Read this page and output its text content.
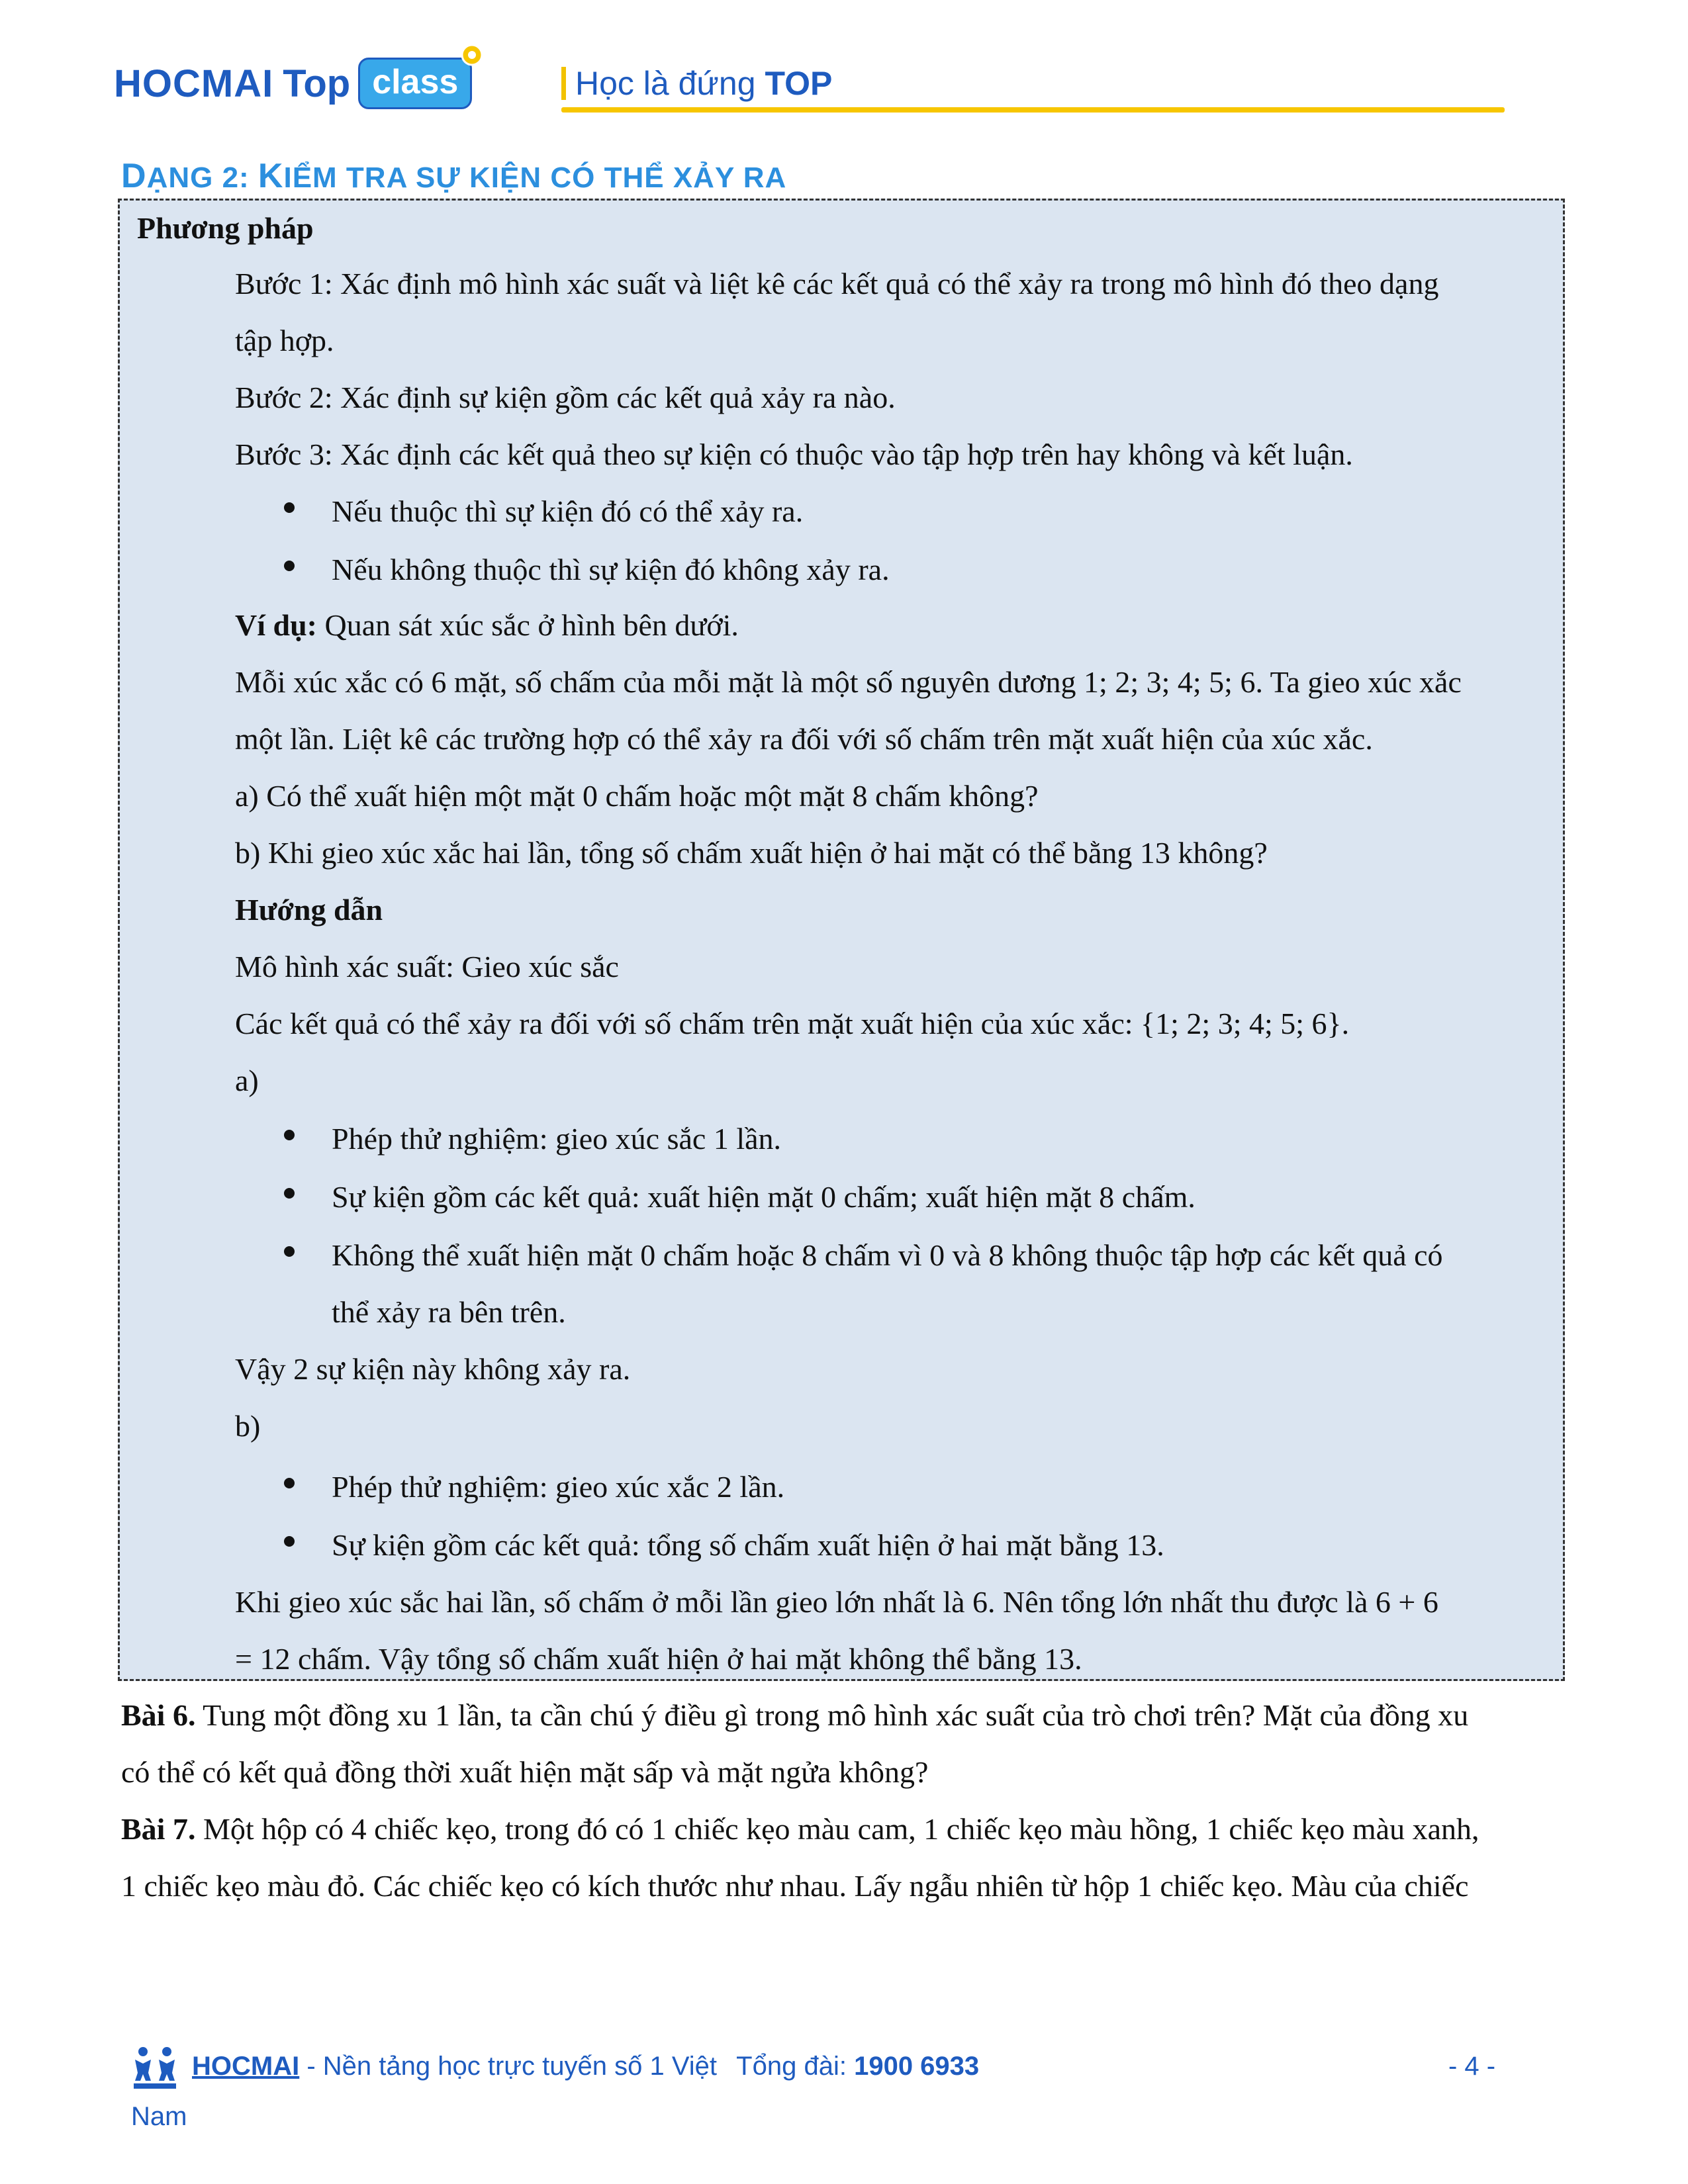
HOCMAI Top class	Học là đứng TOP
DẠNG 2: KIỂM TRA SỰ KIỆN CÓ THỂ XẢY RA
Phương pháp
Bước 1: Xác định mô hình xác suất và liệt kê các kết quả có thể xảy ra trong mô hình đó theo dạng
tập hợp.
Bước 2: Xác định sự kiện gồm các kết quả xảy ra nào.
Bước 3: Xác định các kết quả theo sự kiện có thuộc vào tập hợp trên hay không và kết luận.
Nếu thuộc thì sự kiện đó có thể xảy ra.
Nếu không thuộc thì sự kiện đó không xảy ra.
Ví dụ: Quan sát xúc sắc ở hình bên dưới.
Mỗi xúc xắc có 6 mặt, số chấm của mỗi mặt là một số nguyên dương 1; 2; 3; 4; 5; 6. Ta gieo xúc xắc
một lần. Liệt kê các trường hợp có thể xảy ra đối với số chấm trên mặt xuất hiện của xúc xắc.
a) Có thể xuất hiện một mặt 0 chấm hoặc một mặt 8 chấm không?
b) Khi gieo xúc xắc hai lần, tổng số chấm xuất hiện ở hai mặt có thể bằng 13 không?
Hướng dẫn
Mô hình xác suất: Gieo xúc sắc
Các kết quả có thể xảy ra đối với số chấm trên mặt xuất hiện của xúc xắc: {1; 2; 3; 4; 5; 6}.
a)
Phép thử nghiệm: gieo xúc sắc 1 lần.
Sự kiện gồm các kết quả: xuất hiện mặt 0 chấm; xuất hiện mặt 8 chấm.
Không thể xuất hiện mặt 0 chấm hoặc 8 chấm vì 0 và 8 không thuộc tập hợp các kết quả có
thể xảy ra bên trên.
Vậy 2 sự kiện này không xảy ra.
b)
Phép thử nghiệm: gieo xúc xắc 2 lần.
Sự kiện gồm các kết quả: tổng số chấm xuất hiện ở hai mặt bằng 13.
Khi gieo xúc sắc hai lần, số chấm ở mỗi lần gieo lớn nhất là 6. Nên tổng lớn nhất thu được là 6 + 6
= 12 chấm. Vậy tổng số chấm xuất hiện ở hai mặt không thể bằng 13.
Bài 6. Tung một đồng xu 1 lần, ta cần chú ý điều gì trong mô hình xác suất của trò chơi trên? Mặt của đồng xu
có thể có kết quả đồng thời xuất hiện mặt sấp và mặt ngửa không?
Bài 7. Một hộp có 4 chiếc kẹo, trong đó có 1 chiếc kẹo màu cam, 1 chiếc kẹo màu hồng, 1 chiếc kẹo màu xanh,
1 chiếc kẹo màu đỏ. Các chiếc kẹo có kích thước như nhau. Lấy ngẫu nhiên từ hộp 1 chiếc kẹo. Màu của chiếc
HOCMAI - Nền tảng học trực tuyến số 1 Việt Tổng đài: 1900 6933	- 4 -
Nam
